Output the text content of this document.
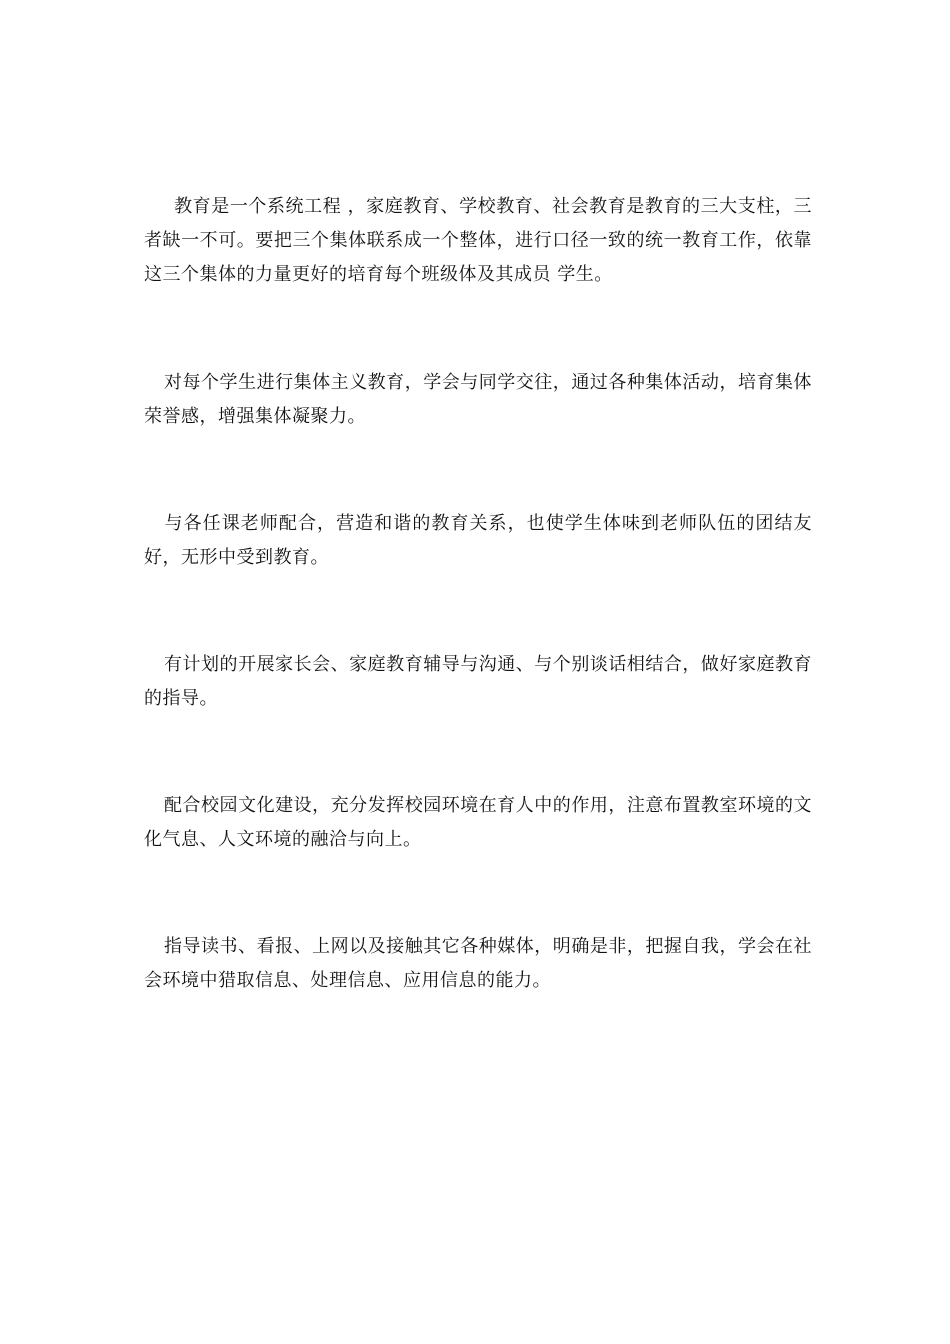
教育是一个系统工程 ，家庭教育、学校教育、社会教育是教育的三大支柱，三者缺一不可。要把三个集体联系成一个整体，进行口径一致的统一教育工作，依靠这三个集体的力量更好的培育每个班级体及其成员 学生。

对每个学生进行集体主义教育，学会与同学交往，通过各种集体活动，培育集体荣誉感，增强集体凝聚力。

与各任课老师配合，营造和谐的教育关系，也使学生体味到老师队伍的团结友好，无形中受到教育。

有计划的开展家长会、家庭教育辅导与沟通、与个别谈话相结合，做好家庭教育的指导。

配合校园文化建设，充分发挥校园环境在育人中的作用，注意布置教室环境的文化气息、人文环境的融洽与向上。

指导读书、看报、上网以及接触其它各种媒体，明确是非，把握自我，学会在社会环境中猎取信息、处理信息、应用信息的能力。
